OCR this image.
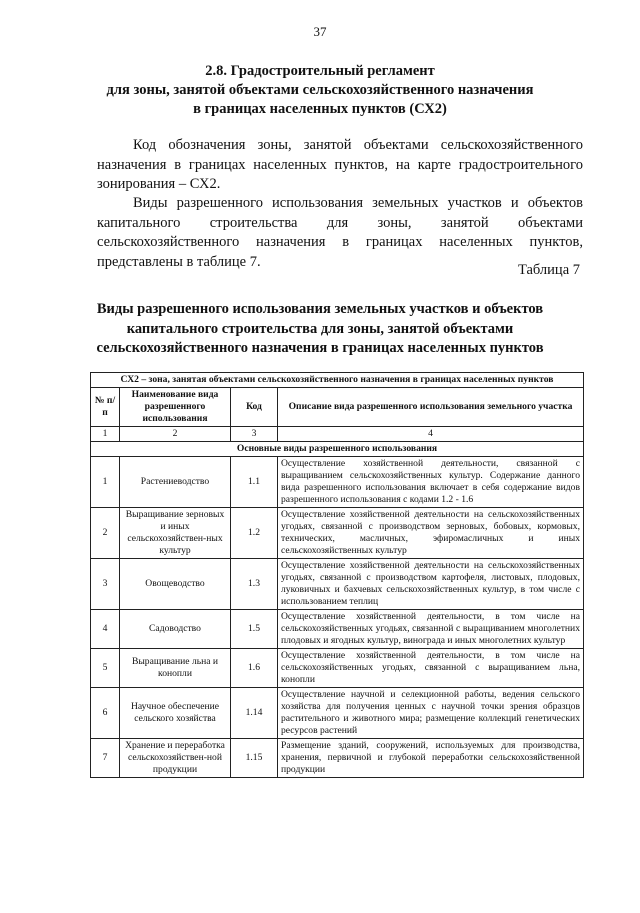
37
2.8. Градостроительный регламент
для зоны, занятой объектами сельскохозяйственного назначения
в границах населенных пунктов (СХ2)
Код обозначения зоны, занятой объектами сельскохозяйственного назначения в границах населенных пунктов, на карте градостроительного зонирования – СХ2.
Виды разрешенного использования земельных участков и объектов капитального строительства для зоны, занятой объектами сельскохозяйственного назначения в границах населенных пунктов, представлены в таблице 7.
Таблица 7
Виды разрешенного использования земельных участков и объектов капитального строительства для зоны, занятой объектами сельскохозяйственного назначения в границах населенных пунктов
СХ2 – зона, занятая объектами сельскохозяйственного назначения в границах населенных пунктов			
№ п/п	Наименование вида разрешенного использования	Код	Описание вида разрешенного использования земельного участка
1	2	3	4
Основные виды разрешенного использования			
1	Растениеводство	1.1	Осуществление хозяйственной деятельности, связанной с выращиванием сельскохозяйственных культур. Содержание данного вида разрешенного использования включает в себя содержание видов разрешенного использования с кодами 1.2 - 1.6
2	Выращивание зерновых и иных сельскохозяйствен-ных культур	1.2	Осуществление хозяйственной деятельности на сельскохозяйственных угодьях, связанной с производством зерновых, бобовых, кормовых, технических, масличных, эфиромасличных и иных сельскохозяйственных культур
3	Овощеводство	1.3	Осуществление хозяйственной деятельности на сельскохозяйственных угодьях, связанной с производством картофеля, листовых, плодовых, луковичных и бахчевых сельскохозяйственных культур, в том числе с использованием теплиц
4	Садоводство	1.5	Осуществление хозяйственной деятельности, в том числе на сельскохозяйственных угодьях, связанной с выращиванием многолетних плодовых и ягодных культур, винограда и иных многолетних культур
5	Выращивание льна и конопли	1.6	Осуществление хозяйственной деятельности, в том числе на сельскохозяйственных угодьях, связанной с выращиванием льна, конопли
6	Научное обеспечение сельского хозяйства	1.14	Осуществление научной и селекционной работы, ведения сельского хозяйства для получения ценных с научной точки зрения образцов растительного и животного мира; размещение коллекций генетических ресурсов растений
7	Хранение и переработка сельскохозяйствен-ной продукции	1.15	Размещение зданий, сооружений, используемых для производства, хранения, первичной и глубокой переработки сельскохозяйственной продукции
